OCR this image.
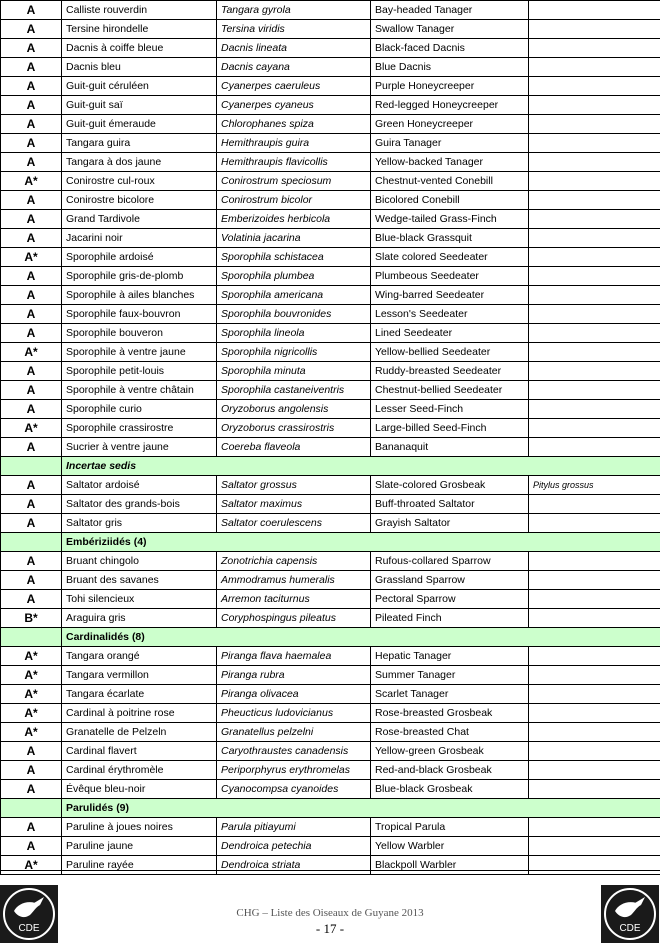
A	Calliste rouverdin	Tangara gyrola	Bay-headed Tanager	
A	Tersine hirondelle	Tersina viridis	Swallow Tanager	
A	Dacnis à coiffe bleue	Dacnis lineata	Black-faced Dacnis	
A	Dacnis bleu	Dacnis cayana	Blue Dacnis	
A	Guit-guit céruléen	Cyanerpes caeruleus	Purple Honeycreeper	
A	Guit-guit saï	Cyanerpes cyaneus	Red-legged Honeycreeper	
A	Guit-guit émeraude	Chlorophanes spiza	Green Honeycreeper	
A	Tangara guira	Hemithraupis guira	Guira Tanager	
A	Tangara à dos jaune	Hemithraupis flavicollis	Yellow-backed Tanager	
A*	Conirostre cul-roux	Conirostrum speciosum	Chestnut-vented Conebill	
A	Conirostre bicolore	Conirostrum bicolor	Bicolored Conebill	
A	Grand Tardivole	Emberizoides herbicola	Wedge-tailed Grass-Finch	
A	Jacarini noir	Volatinia jacarina	Blue-black Grassquit	
A*	Sporophile ardoisé	Sporophila schistacea	Slate colored Seedeater	
A	Sporophile gris-de-plomb	Sporophila plumbea	Plumbeous Seedeater	
A	Sporophile à ailes blanches	Sporophila americana	Wing-barred Seedeater	
A	Sporophile faux-bouvron	Sporophila bouvronides	Lesson's Seedeater	
A	Sporophile bouveron	Sporophila lineola	Lined Seedeater	
A*	Sporophile à ventre jaune	Sporophila nigricollis	Yellow-bellied Seedeater	
A	Sporophile petit-louis	Sporophila minuta	Ruddy-breasted Seedeater	
A	Sporophile à ventre châtain	Sporophila castaneiventris	Chestnut-bellied Seedeater	
A	Sporophile curio	Oryzoborus angolensis	Lesser Seed-Finch	
A*	Sporophile crassirostre	Oryzoborus crassirostris	Large-billed Seed-Finch	
A	Sucrier à ventre jaune	Coereba flaveola	Bananaquit	
	Incertae sedis			
A	Saltator ardoisé	Saltator grossus	Slate-colored Grosbeak	Pitylus grossus
A	Saltator des grands-bois	Saltator maximus	Buff-throated Saltator	
A	Saltator gris	Saltator coerulescens	Grayish Saltator	
	Embériziidés (4)			
A	Bruant chingolo	Zonotrichia capensis	Rufous-collared Sparrow	
A	Bruant des savanes	Ammodramus humeralis	Grassland Sparrow	
A	Tohi silencieux	Arremon taciturnus	Pectoral Sparrow	
B*	Araguira gris	Coryphospingus pileatus	Pileated Finch	
	Cardinalidés (8)			
A*	Tangara orangé	Piranga flava haemalea	Hepatic Tanager	
A*	Tangara vermillon	Piranga rubra	Summer Tanager	
A*	Tangara écarlate	Piranga olivacea	Scarlet Tanager	
A*	Cardinal à poitrine rose	Pheucticus ludovicianus	Rose-breasted Grosbeak	
A*	Granatelle de Pelzeln	Granatellus pelzelni	Rose-breasted Chat	
A	Cardinal flavert	Caryothraustes canadensis	Yellow-green Grosbeak	
A	Cardinal érythromèle	Periporphyrus erythromelas	Red-and-black Grosbeak	
A	Évêque bleu-noir	Cyanocompsa cyanoides	Blue-black Grosbeak	
	Parulidés (9)			
A	Paruline à joues noires	Parula pitiayumi	Tropical Parula	
A	Paruline jaune	Dendroica petechia	Yellow Warbler	
A*	Paruline rayée	Dendroica striata	Blackpoll Warbler	
CDE	CDE
CHG – Liste des Oiseaux de Guyane 2013
- 17 -
